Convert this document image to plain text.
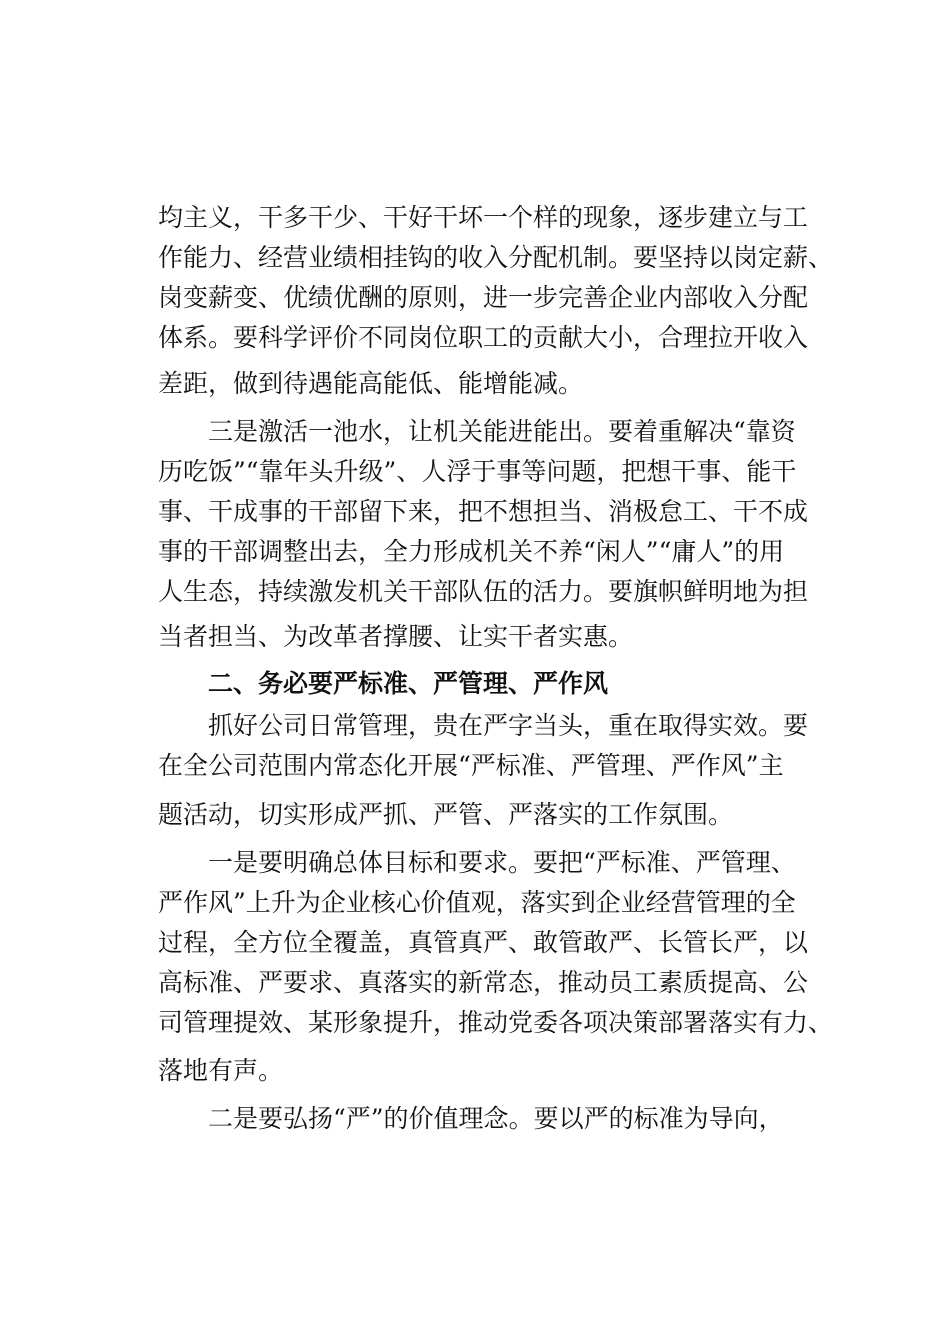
均主义，干多干少、干好干坏一个样的现象，逐步建立与工
作能力、经营业绩相挂钩的收入分配机制。要坚持以岗定薪、
岗变薪变、优绩优酬的原则，进一步完善企业内部收入分配
体系。要科学评价不同岗位职工的贡献大小，合理拉开收入
差距，做到待遇能高能低、能增能减。
三是激活一池水，让机关能进能出。要着重解决“靠资
历吃饭”“靠年头升级”、人浮于事等问题，把想干事、能干
事、干成事的干部留下来，把不想担当、消极怠工、干不成
事的干部调整出去，全力形成机关不养“闲人”“庸人”的用
人生态，持续激发机关干部队伍的活力。要旗帜鲜明地为担
当者担当、为改革者撑腰、让实干者实惠。
二、务必要严标准、严管理、严作风
抓好公司日常管理，贵在严字当头，重在取得实效。要
在全公司范围内常态化开展“严标准、严管理、严作风”主
题活动，切实形成严抓、严管、严落实的工作氛围。
一是要明确总体目标和要求。要把“严标准、严管理、
严作风”上升为企业核心价值观，落实到企业经营管理的全
过程，全方位全覆盖，真管真严、敢管敢严、长管长严，以
高标准、严要求、真落实的新常态，推动员工素质提高、公
司管理提效、某形象提升，推动党委各项决策部署落实有力、
落地有声。
二是要弘扬“严”的价值理念。要以严的标准为导向，
